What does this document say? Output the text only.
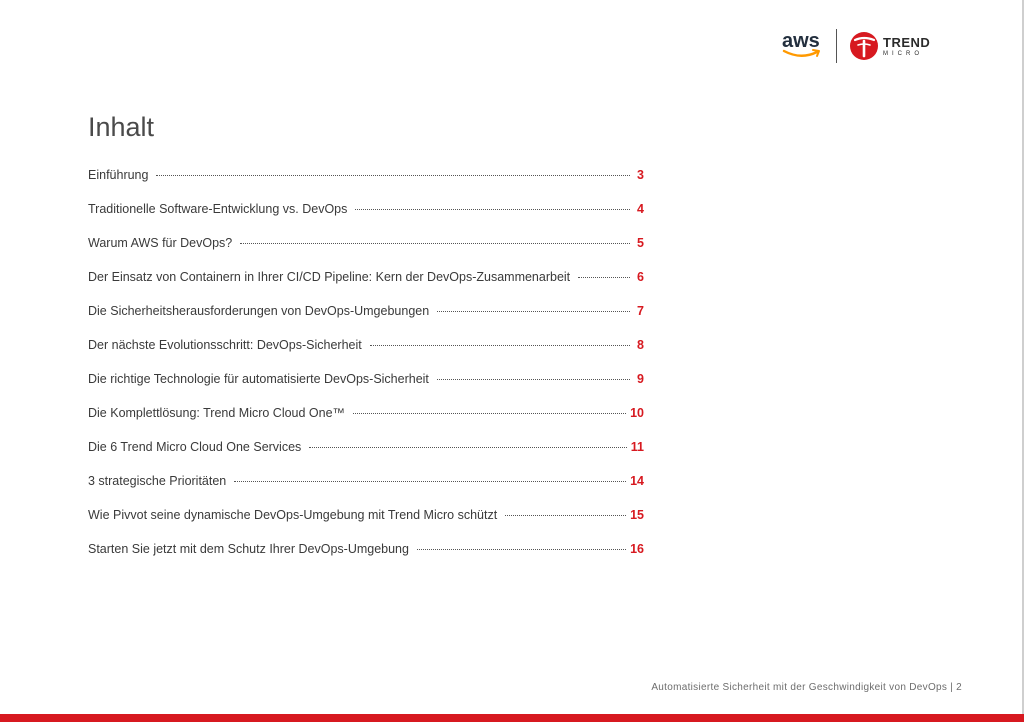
aws	TREND
MICRO
Inhalt
Einführung	3
Traditionelle Software-Entwicklung vs. DevOps	4
Warum AWS für DevOps?	5
Der Einsatz von Containern in Ihrer CI/CD Pipeline: Kern der DevOps-Zusammenarbeit	6
Die Sicherheitsherausforderungen von DevOps-Umgebungen	7
Der nächste Evolutionsschritt: DevOps-Sicherheit	8
Die richtige Technologie für automatisierte DevOps-Sicherheit	9
Die Komplettlösung: Trend Micro Cloud One™	10
Die 6 Trend Micro Cloud One Services	11
3 strategische Prioritäten	14
Wie Pivvot seine dynamische DevOps-Umgebung mit Trend Micro schützt	15
Starten Sie jetzt mit dem Schutz Ihrer DevOps-Umgebung	16
Automatisierte Sicherheit mit der Geschwindigkeit von DevOps | 2
